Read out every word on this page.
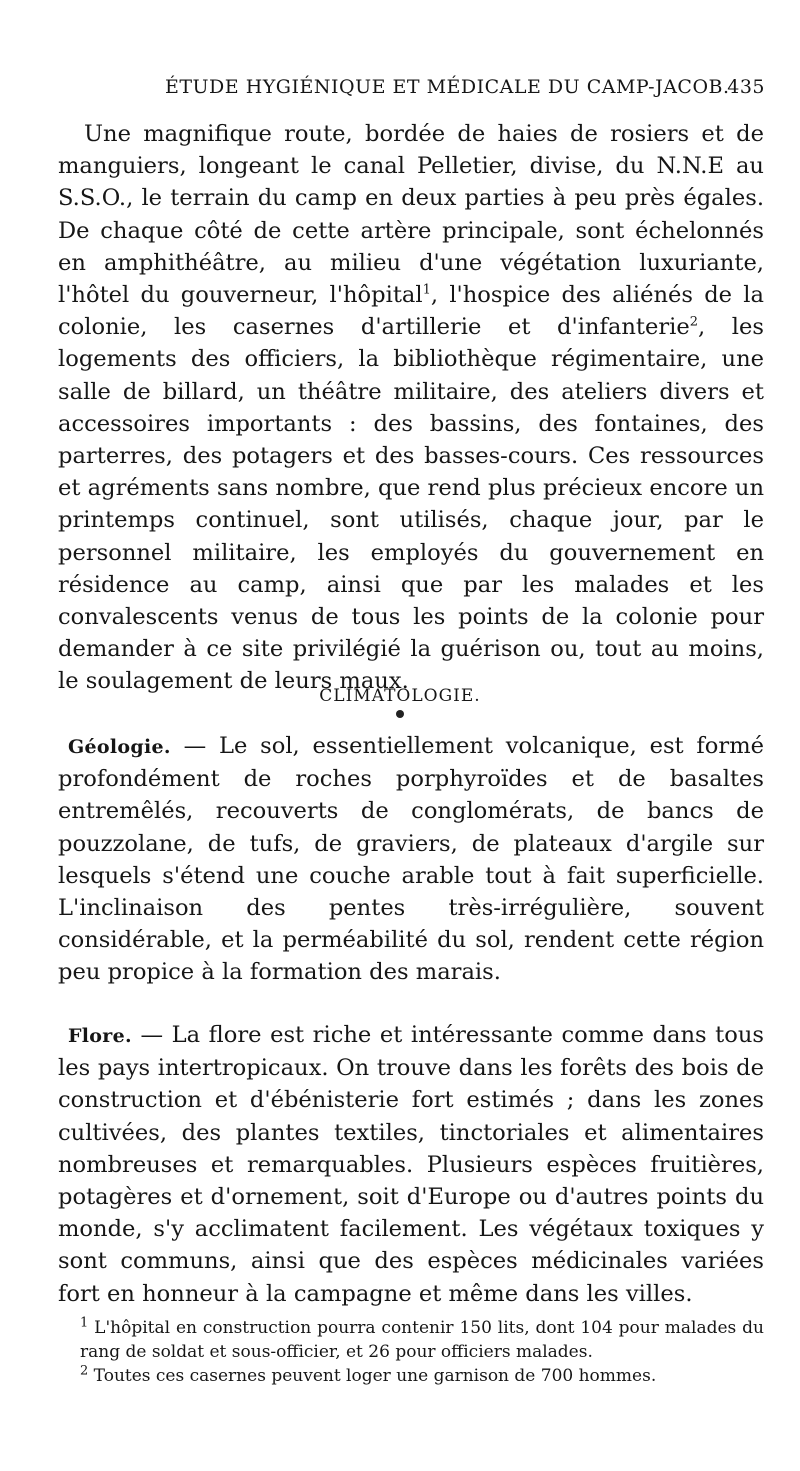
ÉTUDE HYGIÉNIQUE ET MÉDICALE DU CAMP-JACOB.
435
Une magnifique route, bordée de haies de rosiers et de manguiers, longeant le canal Pelletier, divise, du N.N.E au S.S.O., le terrain du camp en deux parties à peu près égales. De chaque côté de cette artère principale, sont échelonnés en amphithéâtre, au milieu d'une végétation luxuriante, l'hôtel du gouverneur, l'hôpital$^1$, l'hospice des aliénés de la colonie, les casernes d'artillerie et d'infanterie$^2$, les logements des officiers, la bibliothèque régimentaire, une salle de billard, un théâtre militaire, des ateliers divers et accessoires importants : des bassins, des fontaines, des parterres, des potagers et des basses-cours. Ces ressources et agréments sans nombre, que rend plus précieux encore un printemps continuel, sont utilisés, chaque jour, par le personnel militaire, les employés du gouvernement en résidence au camp, ainsi que par les malades et les convalescents venus de tous les points de la colonie pour demander à ce site privilégié la guérison ou, tout au moins, le soulagement de leurs maux.
CLIMATOLOGIE.
Géologie. — Le sol, essentiellement volcanique, est formé profondément de roches porphyroïdes et de basaltes entremêlés, recouverts de conglomérats, de bancs de pouzzolane, de tufs, de graviers, de plateaux d'argile sur lesquels s'étend une couche arable tout à fait superficielle. L'inclinaison des pentes très-irrégulière, souvent considérable, et la perméabilité du sol, rendent cette région peu propice à la formation des marais.
Flore. — La flore est riche et intéressante comme dans tous les pays intertropicaux. On trouve dans les forêts des bois de construction et d'ébénisterie fort estimés ; dans les zones cultivées, des plantes textiles, tinctoriales et alimentaires nombreuses et remarquables. Plusieurs espèces fruitières, potagères et d'ornement, soit d'Europe ou d'autres points du monde, s'y acclimatent facilement. Les végétaux toxiques y sont communs, ainsi que des espèces médicinales variées fort en honneur à la campagne et même dans les villes.
$^1$ L'hôpital en construction pourra contenir 150 lits, dont 104 pour malades du rang de soldat et sous-officier, et 26 pour officiers malades.
$^2$ Toutes ces casernes peuvent loger une garnison de 700 hommes.
